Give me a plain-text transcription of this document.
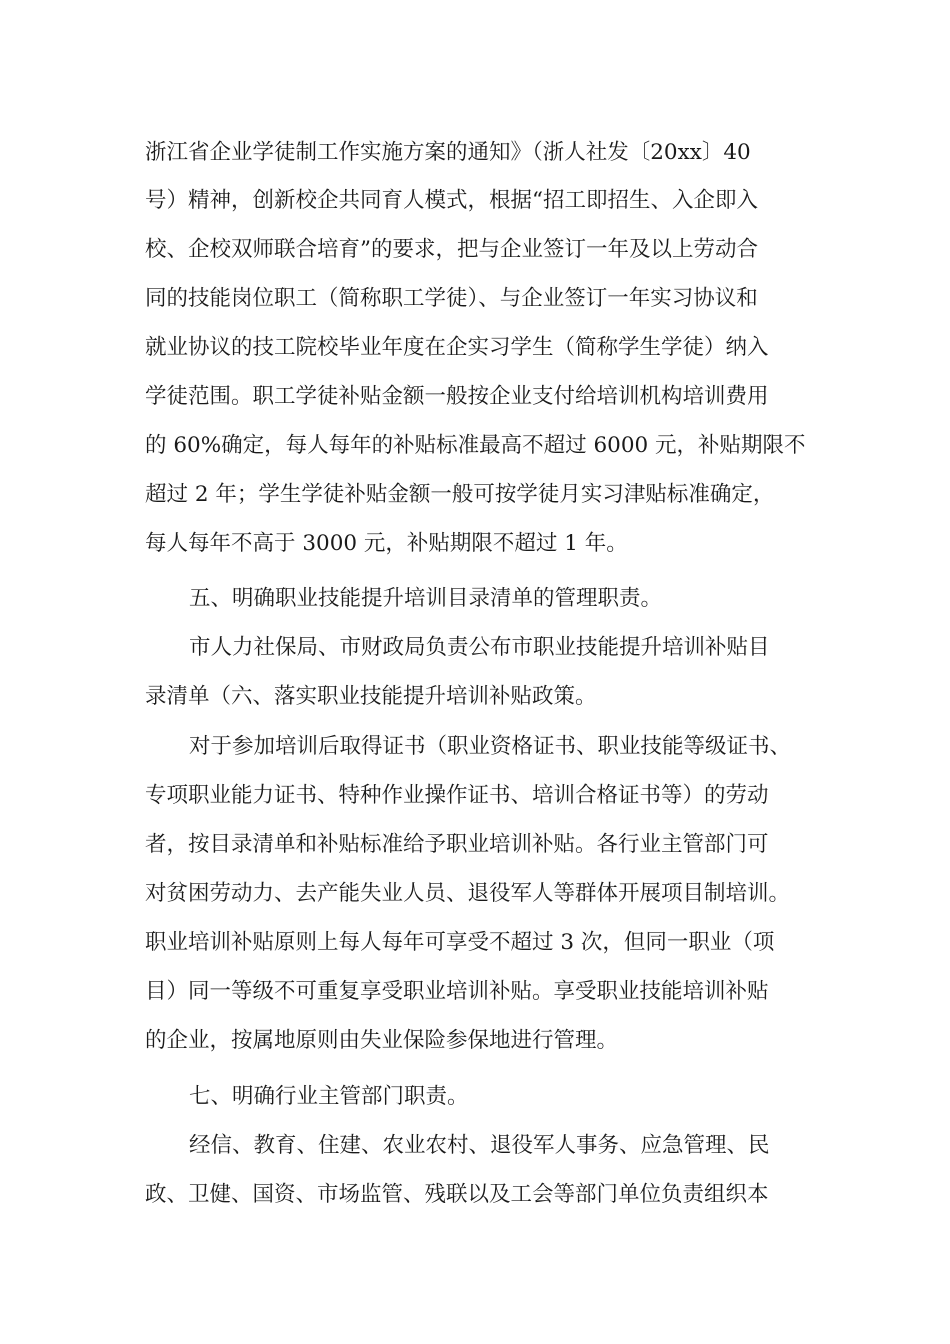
浙江省企业学徒制工作实施方案的通知》（浙人社发〔20xx〕40
号）精神，创新校企共同育人模式，根据“招工即招生、入企即入
校、企校双师联合培育”的要求，把与企业签订一年及以上劳动合
同的技能岗位职工（简称职工学徒）、与企业签订一年实习协议和
就业协议的技工院校毕业年度在企实习学生（简称学生学徒）纳入
学徒范围。职工学徒补贴金额一般按企业支付给培训机构培训费用
的 60%确定，每人每年的补贴标准最高不超过 6000 元，补贴期限不
超过 2 年；学生学徒补贴金额一般可按学徒月实习津贴标准确定，
每人每年不高于 3000 元，补贴期限不超过 1 年。
五、明确职业技能提升培训目录清单的管理职责。
市人力社保局、市财政局负责公布市职业技能提升培训补贴目
录清单（六、落实职业技能提升培训补贴政策。
对于参加培训后取得证书（职业资格证书、职业技能等级证书、
专项职业能力证书、特种作业操作证书、培训合格证书等）的劳动
者，按目录清单和补贴标准给予职业培训补贴。各行业主管部门可
对贫困劳动力、去产能失业人员、退役军人等群体开展项目制培训。
职业培训补贴原则上每人每年可享受不超过 3 次，但同一职业（项
目）同一等级不可重复享受职业培训补贴。享受职业技能培训补贴
的企业，按属地原则由失业保险参保地进行管理。
七、明确行业主管部门职责。
经信、教育、住建、农业农村、退役军人事务、应急管理、民
政、卫健、国资、市场监管、残联以及工会等部门单位负责组织本
